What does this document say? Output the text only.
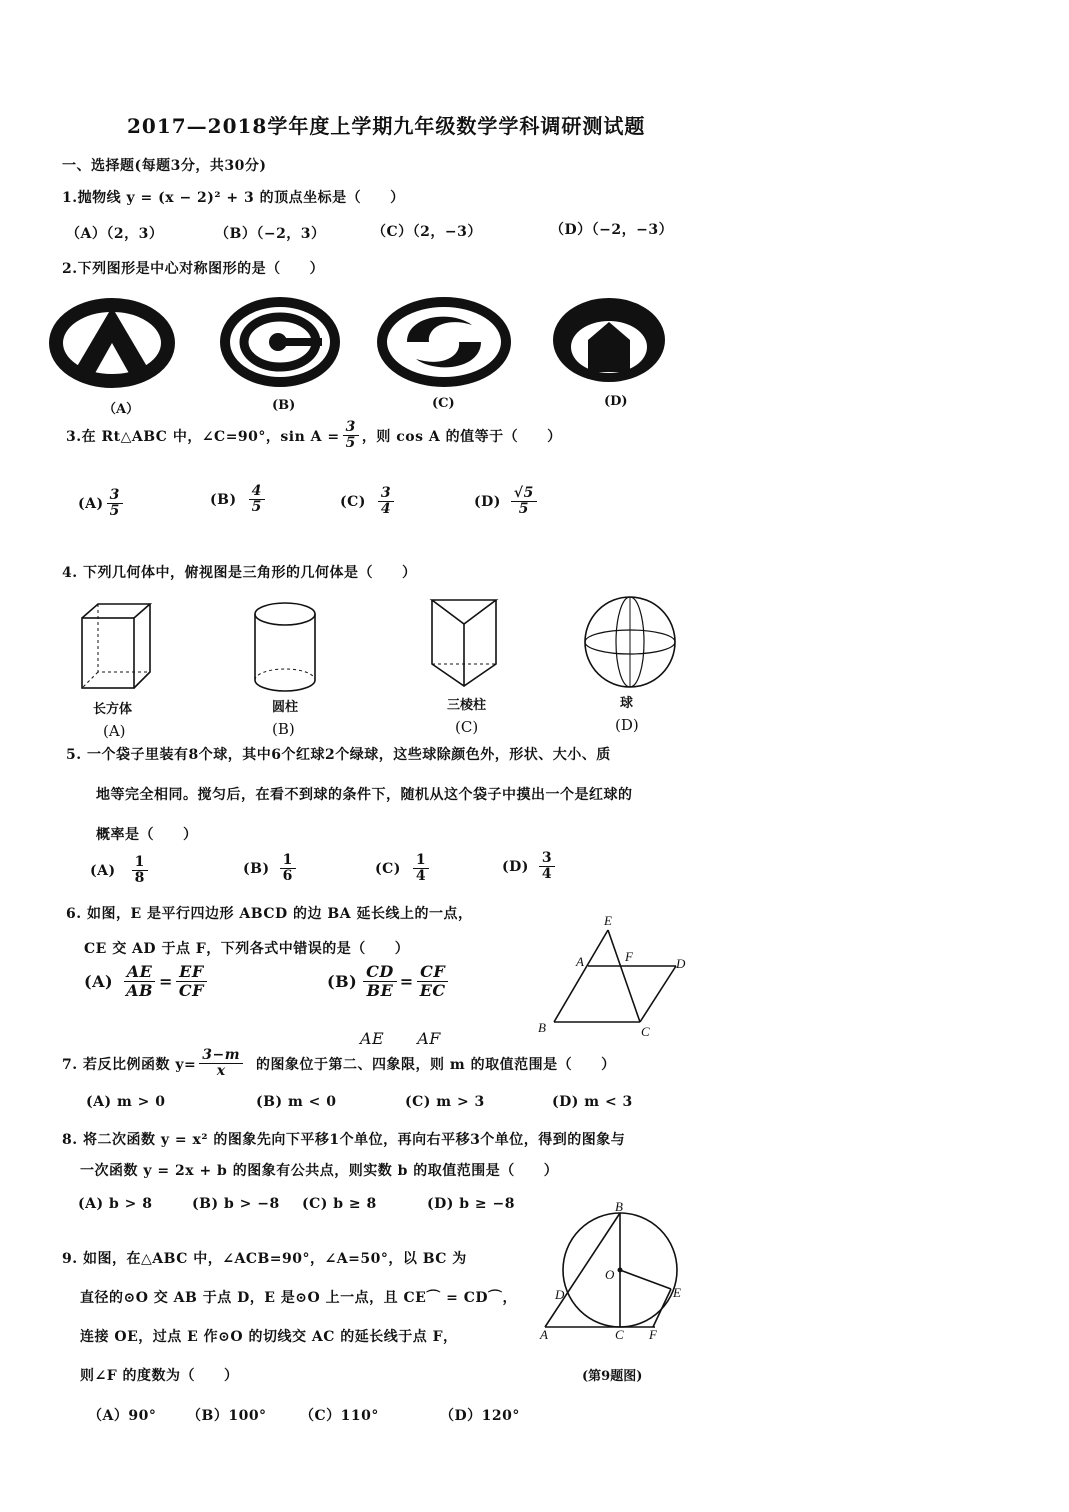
2017—2018学年度上学期九年级数学学科调研测试题
一、选择题(每题3分，共30分)
1.抛物线 y = (x − 2)² + 3 的顶点坐标是（　　）
（A）（2，3）	（B）（−2，3）	（C）（2，−3）	（D）（−2，−3）
2.下列图形是中心对称图形的是（　　）
（A）	(B)	(C)	(D)
3.在 Rt△ABC 中，∠C=90°，$\sin A = \frac{3}{5}$ ，则 cos A 的值等于（　　）
$(A) \frac{3}{5}$	$(B) \frac{4}{5}$	$(C) \frac{3}{4}$	$(D) \frac{√5}{5}$
4. 下列几何体中，俯视图是三角形的几何体是（　　）
长方体	圆柱	三棱柱	球
(A)	(B)	(C)	(D)
5. 一个袋子里装有8个球，其中6个红球2个绿球，这些球除颜色外，形状、大小、质
地等完全相同。搅匀后，在看不到球的条件下，随机从这个袋子中摸出一个是红球的
概率是（　　）
$(A) \frac{1}{8}$	$(B) \frac{1}{6}$	$(C) \frac{1}{4}$	$(D) \frac{3}{4}$
6. 如图，E 是平行四边形 ABCD 的边 BA 延长线上的一点，
CE 交 AD 于点 F，下列各式中错误的是（　　）
$(A) \frac{AE}{AB} = \frac{EF}{CF}$	$(B) \frac{CD}{BE} = \frac{CF}{EC}$
AE　　AF
E
A	F	D
B	C
7. 若反比例函数 $y= \frac{3-m}{x}$ 的图象位于第二、四象限，则 m 的取值范围是（　　）
(A) m > 0	(B) m < 0	(C) m > 3	(D) m < 3
8. 将二次函数 y = x² 的图象先向下平移1个单位，再向右平移3个单位，得到的图象与
一次函数 y = 2x + b 的图象有公共点，则实数 b 的取值范围是（　　）
(A) b > 8	(B) b > −8 (C) b ≥ 8	(D) b ≥ −8
9. 如图，在△ABC 中，∠ACB=90°，∠A=50°，以 BC 为
直径的⊙O 交 AB 于点 D，E 是⊙O 上一点，且 CE⌒ = CD⌒，
连接 OE，过点 E 作⊙O 的切线交 AC 的延长线于点 F，
则∠F 的度数为（　　）
（A）90° （B）100° （C）110°	（D）120°
B
O
D	E
A	C F
(第9题图)
